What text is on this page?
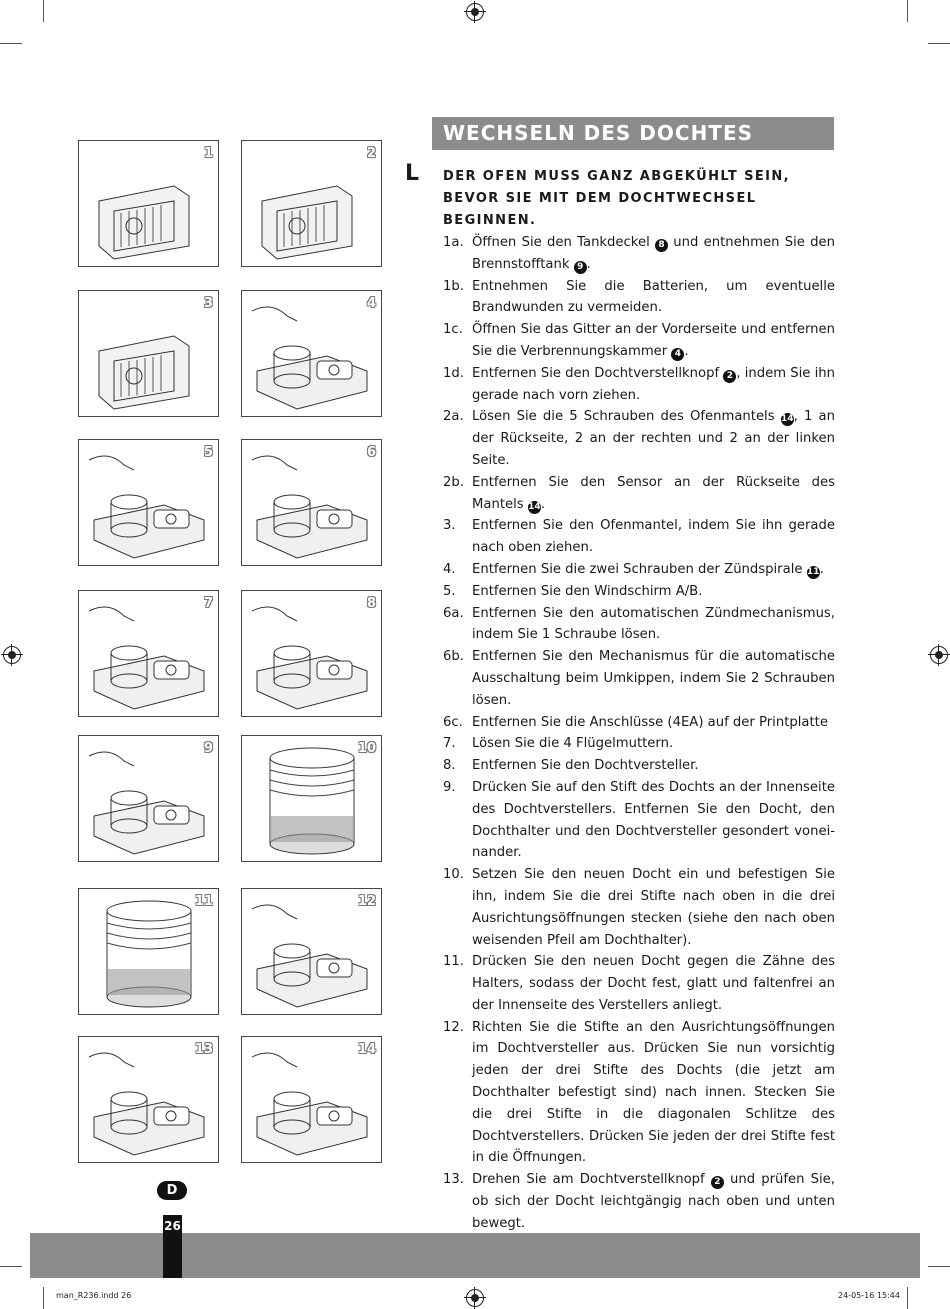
1	2
3	4
5	6
7	8
9	10
11	12
13	14
WECHSELN DES DOCHTES
L DER OFEN MUSS GANZ ABGEKÜHLT SEIN, BEVOR SIE MIT DEM DOCHTWECHSEL BEGINNEN.
1a. Öffnen Sie den Tankdeckel 8 und entnehmen Sie den Brennstofftank 9 .
1b. Entnehmen Sie die Batterien, um eventuelle Brandwunden zu vermeiden.
1c. Öffnen Sie das Gitter an der Vorderseite und entfernen Sie die Verbrennungskammer 4 .
1d. Entfernen Sie den Dochtverstellknopf 2 , indem Sie ihn gerade nach vorn ziehen.
2a. Lösen Sie die 5 Schrauben des Ofenmantels 14, 1 an der Rückseite, 2 an der rechten und 2 an der linken Seite.
2b. Entfernen Sie den Sensor an der Rückseite des Mantels 14.
3.	Entfernen Sie den Ofenmantel, indem Sie ihn gerade nach oben ziehen.
4.	Entfernen Sie die zwei Schrauben der Zündspirale 11.
5.	Entfernen Sie den Windschirm A/B.
6a. Entfernen Sie den automatischen Zündmechanismus, indem Sie 1 Schraube lösen.
6b. Entfernen Sie den Mechanismus für die automatische Ausschaltung beim Umkippen, indem Sie 2 Schrauben lösen.
6c. Entfernen Sie die Anschlüsse (4EA) auf der Printplatte
7.	Lösen Sie die 4 Flügelmuttern.
8.	Entfernen Sie den Dochtversteller.
9.	Drücken Sie auf den Stift des Dochts an der Innenseite des Dochtverstellers. Entfernen Sie den Docht, den Dochthalter und den Dochtversteller gesondert vonei-nander.
10. Setzen Sie den neuen Docht ein und befestigen Sie ihn, indem Sie die drei Stifte nach oben in die drei Ausrichtungsöffnungen stecken (siehe den nach oben weisenden Pfeil am Dochthalter).
11. Drücken Sie den neuen Docht gegen die Zähne des Halters, sodass der Docht fest, glatt und faltenfrei an der Innenseite des Verstellers anliegt.
12. Richten Sie die Stifte an den Ausrichtungsöffnungen im Dochtversteller aus. Drücken Sie nun vorsichtig jeden der drei Stifte des Dochts (die jetzt am Dochthalter befestigt sind) nach innen. Stecken Sie die drei Stifte in die diagonalen Schlitze des Dochtverstellers. Drücken Sie jeden der drei Stifte fest in die Öffnungen.
13. Drehen Sie am Dochtverstellknopf 2 und prüfen Sie, ob sich der Docht leichtgängig nach oben und unten bewegt.
D
26
man_R236.indd 26	24-05-16 15:44
